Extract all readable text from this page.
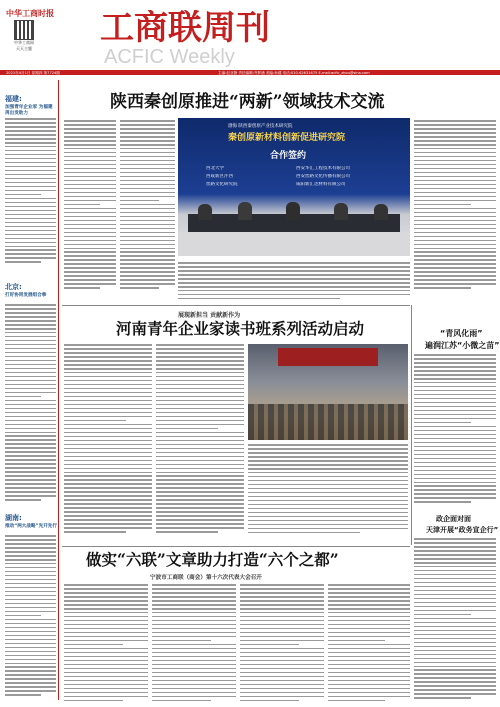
中华工商时报
中华工商网
天天主题
工商联周刊
ACFIC Weekly
2021年4月1日 星期四 第7724期	主编:赵亚静 责任编辑:齐梦涵 美编:孙健 电话:010-62631675 E-mail:acfic_zhou@sina.com
福建:
加强青年企业家 为福建再出发助力
北京:
打好协同发展组合拳
湖南:
推动“两大战略”先开先行
陕西秦创原推进“两新”领域技术交流
渤海 陕西秦创原产业技术研究院
秦创原新材料创新促进研究院
合作签约
西北大学
西咸新区沣西
丝路文化研究院
西安华汇工程技术有限公司
西安丝路文化传播有限公司
咸阳新汇达材料有限公司
展现新担当 贡献新作为
河南青年企业家读书班系列活动启动	“青风化雨”
遍润江苏“小微之苗”
政企面对面
天津开展“政务宣企行”
做实“六联”文章助力打造“六个之都”
宁波市工商联（商会）第十六次代表大会召开
